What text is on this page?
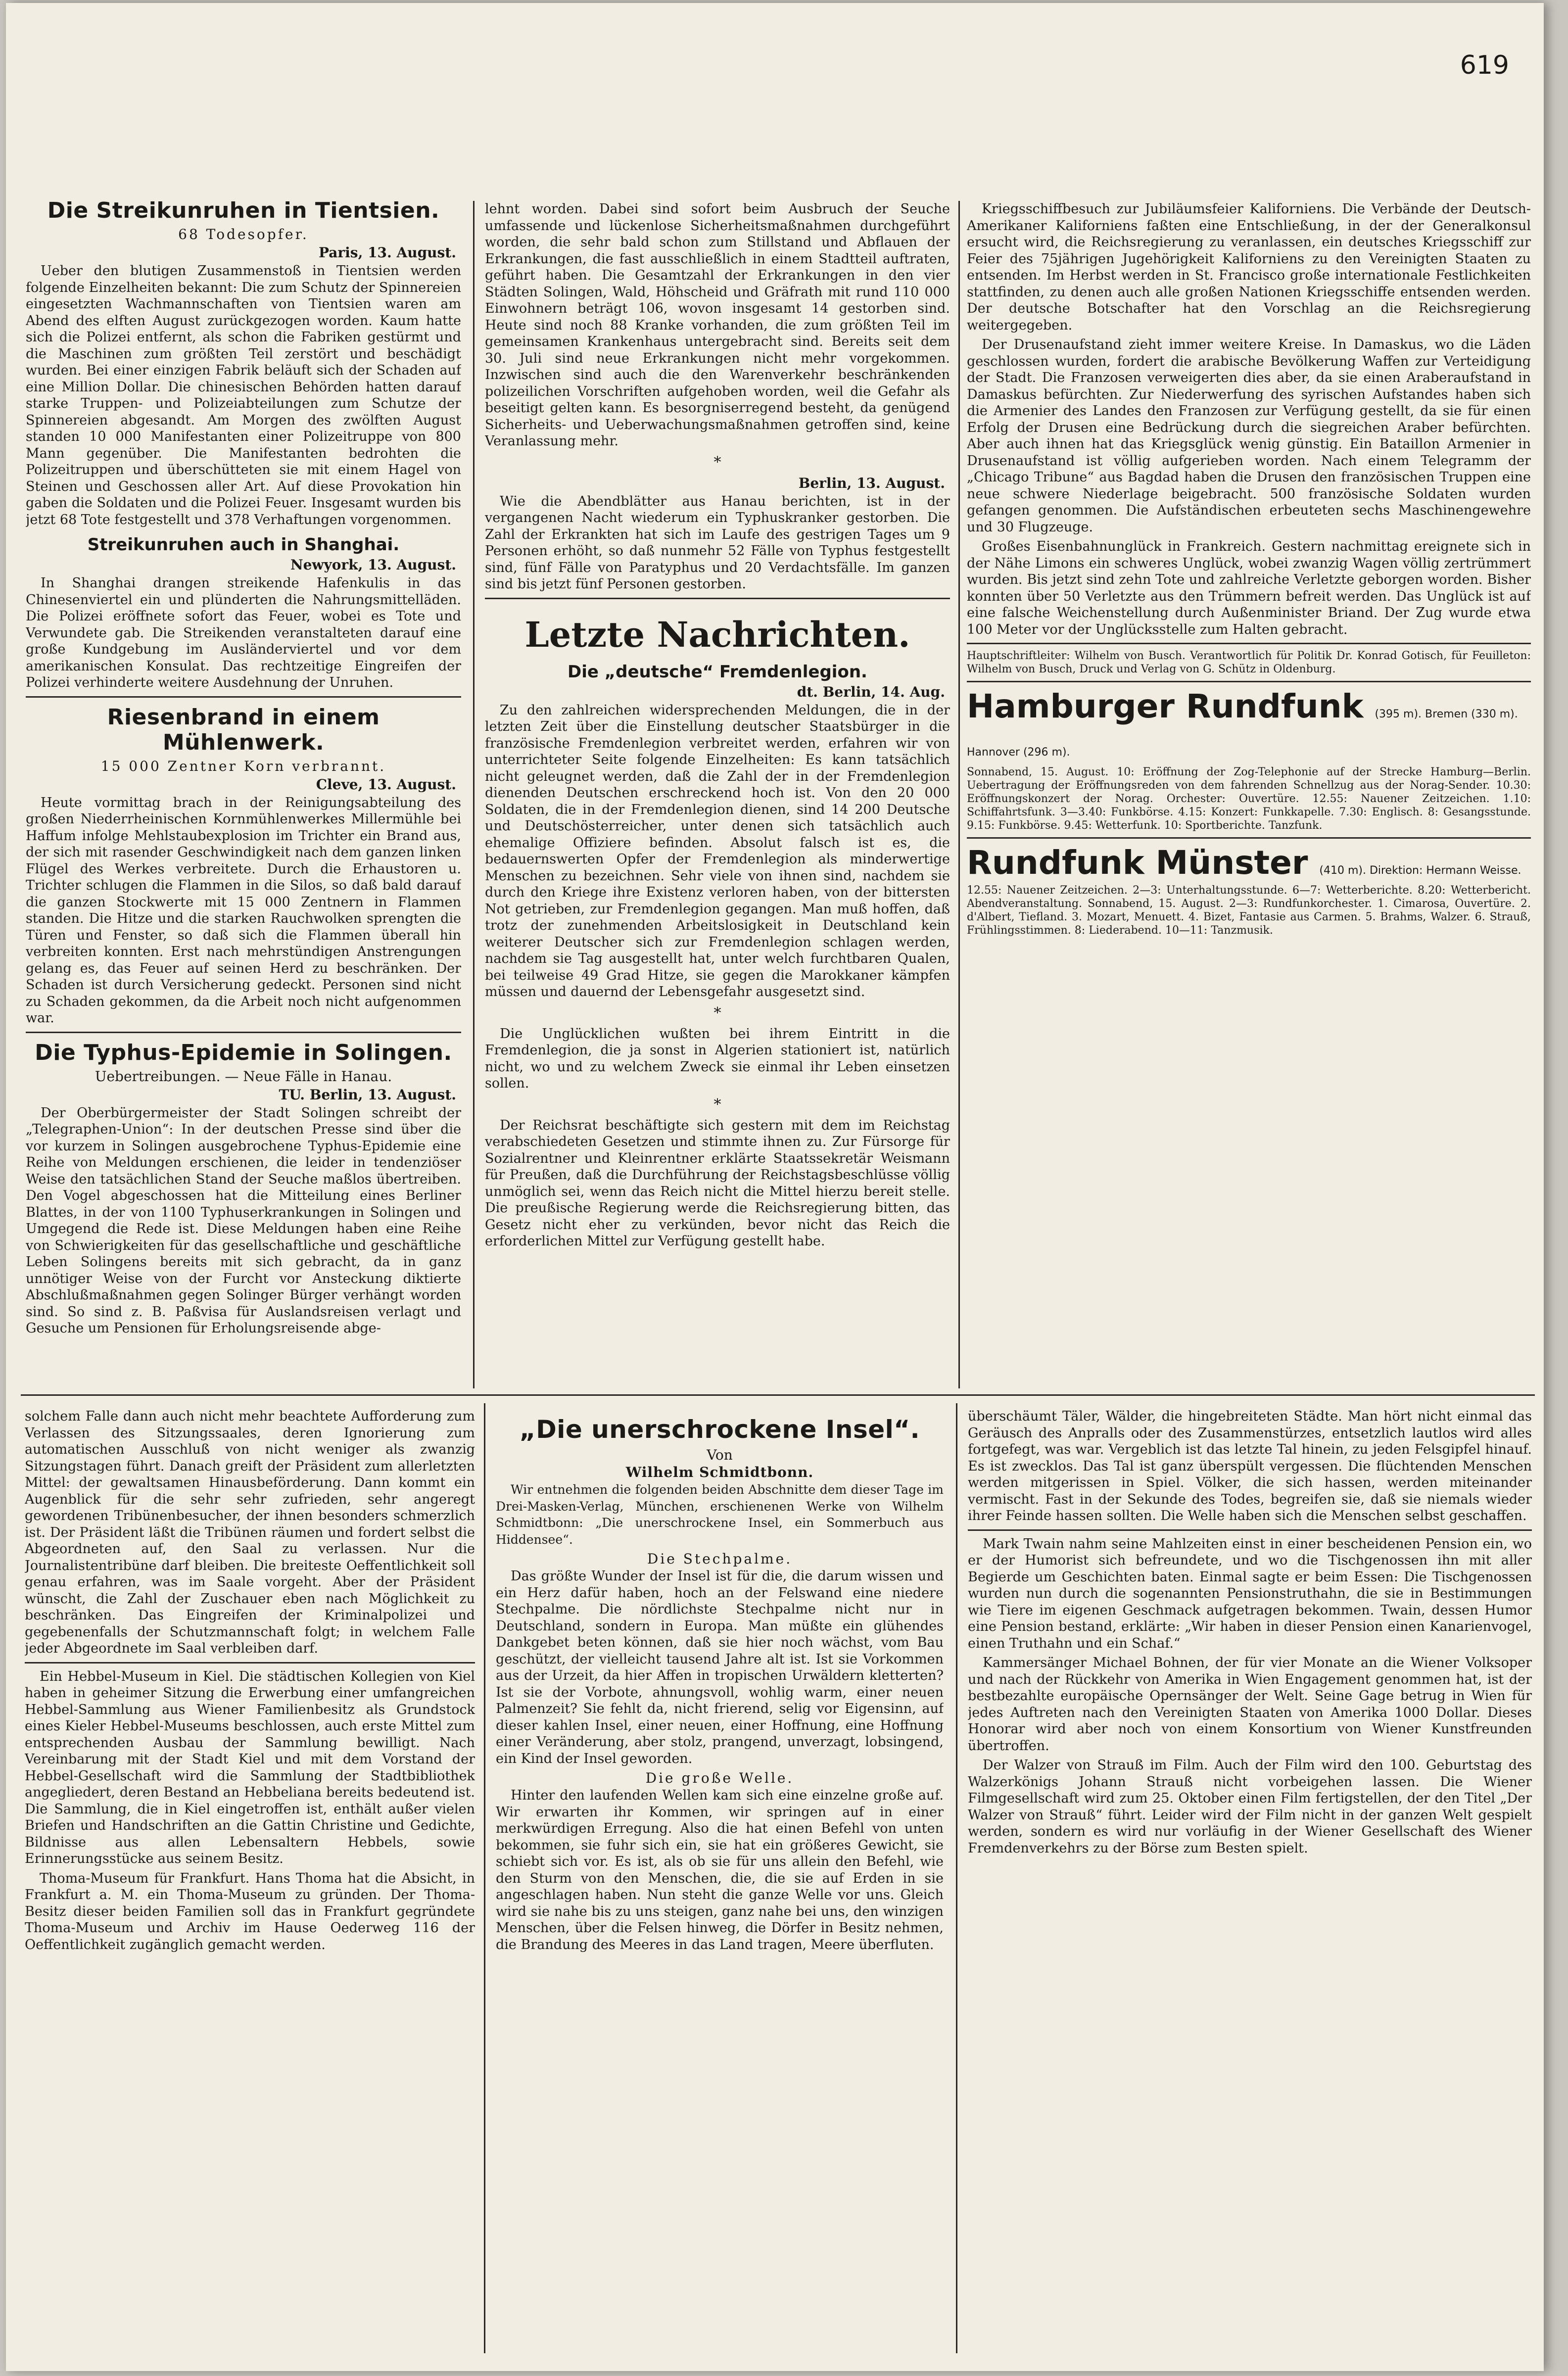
619
Die Streikunruhen in Tientsien.
68 Todesopfer.
Paris, 13. August.

Ueber den blutigen Zusammenstoß in Tientsien werden folgende Einzelheiten bekannt: Die zum Schutz der Spinnereien eingesetzten Wachmannschaften von Tientsien waren am Abend des elften August zurückgezogen worden. Kaum hatte sich die Polizei entfernt, als schon die Fabriken gestürmt und die Maschinen zum größten Teil zerstört und beschädigt wurden. Bei einer einzigen Fabrik beläuft sich der Schaden auf eine Million Dollar. Die chinesischen Behörden hatten darauf starke Truppen- und Polizeiabteilungen zum Schutze der Spinnereien abgesandt. Am Morgen des zwölften August standen 10 000 Manifestanten einer Polizeitruppe von 800 Mann gegenüber. Die Manifestanten bedrohten die Polizeitruppen und überschütteten sie mit einem Hagel von Steinen und Geschossen aller Art. Auf diese Provokation hin gaben die Soldaten und die Polizei Feuer. Insgesamt wurden bis jetzt 68 Tote festgestellt und 378 Verhaftungen vorgenommen.

Streikunruhen auch in Shanghai.
Newyork, 13. August.

In Shanghai drangen streikende Hafenkulis in das Chinesenviertel ein und plünderten die Nahrungsmittelläden. Die Polizei eröffnete sofort das Feuer, wobei es Tote und Verwundete gab. Die Streikenden veranstalteten darauf eine große Kundgebung im Ausländerviertel und vor dem amerikanischen Konsulat. Das rechtzeitige Eingreifen der Polizei verhinderte weitere Ausdehnung der Unruhen.

Riesenbrand in einem Mühlenwerk.
15 000 Zentner Korn verbrannt.
Cleve, 13. August.

Heute vormittag brach in der Reinigungsabteilung des großen Niederrheinischen Kornmühlenwerkes Millermühle bei Haffum infolge Mehlstaubexplosion im Trichter ein Brand aus, der sich mit rasender Geschwindigkeit nach dem ganzen linken Flügel des Werkes verbreitete. Durch die Erhaustoren u. Trichter schlugen die Flammen in die Silos, so daß bald darauf die ganzen Stockwerte mit 15 000 Zentnern in Flammen standen. Die Hitze und die starken Rauchwolken sprengten die Türen und Fenster, so daß sich die Flammen überall hin verbreiten konnten. Erst nach mehrstündigen Anstrengungen gelang es, das Feuer auf seinen Herd zu beschränken. Der Schaden ist durch Versicherung gedeckt. Personen sind nicht zu Schaden gekommen, da die Arbeit noch nicht aufgenommen war.

Die Typhus-Epidemie in Solingen.
Uebertreibungen. — Neue Fälle in Hanau.
TU. Berlin, 13. August.

Der Oberbürgermeister der Stadt Solingen schreibt der „Telegraphen-Union“: In der deutschen Presse sind über die vor kurzem in Solingen ausgebrochene Typhus-Epidemie eine Reihe von Meldungen erschienen, die leider in tendenziöser Weise den tatsächlichen Stand der Seuche maßlos übertreiben. Den Vogel abgeschossen hat die Mitteilung eines Berliner Blattes, in der von 1100 Typhuserkrankungen in Solingen und Umgegend die Rede ist. Diese Meldungen haben eine Reihe von Schwierigkeiten für das gesellschaftliche und geschäftliche Leben Solingens bereits mit sich gebracht, da in ganz unnötiger Weise von der Furcht vor Ansteckung diktierte Abschlußmaßnahmen gegen Solinger Bürger verhängt worden sind. So sind z. B. Paßvisa für Auslandsreisen verlagt und Gesuche um Pensionen für Erholungsreisende abge-

lehnt worden. Dabei sind sofort beim Ausbruch der Seuche umfassende und lückenlose Sicherheitsmaßnahmen durchgeführt worden, die sehr bald schon zum Stillstand und Abflauen der Erkrankungen, die fast ausschließlich in einem Stadtteil auftraten, geführt haben. Die Gesamtzahl der Erkrankungen in den vier Städten Solingen, Wald, Höhscheid und Gräfrath mit rund 110 000 Einwohnern beträgt 106, wovon insgesamt 14 gestorben sind. Heute sind noch 88 Kranke vorhanden, die zum größten Teil im gemeinsamen Krankenhaus untergebracht sind. Bereits seit dem 30. Juli sind neue Erkrankungen nicht mehr vorgekommen. Inzwischen sind auch die den Warenverkehr beschränkenden polizeilichen Vorschriften aufgehoben worden, weil die Gefahr als beseitigt gelten kann. Es besorgniserregend besteht, da genügend Sicherheits- und Ueberwachungsmaßnahmen getroffen sind, keine Veranlassung mehr.

*
Berlin, 13. August.

Wie die Abendblätter aus Hanau berichten, ist in der vergangenen Nacht wiederum ein Typhuskranker gestorben. Die Zahl der Erkrankten hat sich im Laufe des gestrigen Tages um 9 Personen erhöht, so daß nunmehr 52 Fälle von Typhus festgestellt sind, fünf Fälle von Paratyphus und 20 Verdachtsfälle. Im ganzen sind bis jetzt fünf Personen gestorben.

Letzte Nachrichten.
Die „deutsche“ Fremdenlegion.
dt. Berlin, 14. Aug.

Zu den zahlreichen widersprechenden Meldungen, die in der letzten Zeit über die Einstellung deutscher Staatsbürger in die französische Fremdenlegion verbreitet werden, erfahren wir von unterrichteter Seite folgende Einzelheiten: Es kann tatsächlich nicht geleugnet werden, daß die Zahl der in der Fremdenlegion dienenden Deutschen erschreckend hoch ist. Von den 20 000 Soldaten, die in der Fremdenlegion dienen, sind 14 200 Deutsche und Deutschösterreicher, unter denen sich tatsächlich auch ehemalige Offiziere befinden. Absolut falsch ist es, die bedauernswerten Opfer der Fremdenlegion als minderwertige Menschen zu bezeichnen. Sehr viele von ihnen sind, nachdem sie durch den Kriege ihre Existenz verloren haben, von der bittersten Not getrieben, zur Fremdenlegion gegangen. Man muß hoffen, daß trotz der zunehmenden Arbeitslosigkeit in Deutschland kein weiterer Deutscher sich zur Fremdenlegion schlagen werden, nachdem sie Tag ausgestellt hat, unter welch furchtbaren Qualen, bei teilweise 49 Grad Hitze, sie gegen die Marokkaner kämpfen müssen und dauernd der Lebensgefahr ausgesetzt sind.

*

Die Unglücklichen wußten bei ihrem Eintritt in die Fremdenlegion, die ja sonst in Algerien stationiert ist, natürlich nicht, wo und zu welchem Zweck sie einmal ihr Leben einsetzen sollen.

*

Der Reichsrat beschäftigte sich gestern mit dem im Reichstag verabschiedeten Gesetzen und stimmte ihnen zu. Zur Fürsorge für Sozialrentner und Kleinrentner erklärte Staatssekretär Weismann für Preußen, daß die Durchführung der Reichstagsbeschlüsse völlig unmöglich sei, wenn das Reich nicht die Mittel hierzu bereit stelle. Die preußische Regierung werde die Reichsregierung bitten, das Gesetz nicht eher zu verkünden, bevor nicht das Reich die erforderlichen Mittel zur Verfügung gestellt habe.

Kriegsschiffbesuch zur Jubiläumsfeier Kaliforniens. Die Verbände der Deutsch-Amerikaner Kaliforniens faßten eine Entschließung, in der der Generalkonsul ersucht wird, die Reichsregierung zu veranlassen, ein deutsches Kriegsschiff zur Feier des 75jährigen Jugehörigkeit Kaliforniens zu den Vereinigten Staaten zu entsenden. Im Herbst werden in St. Francisco große internationale Festlichkeiten stattfinden, zu denen auch alle großen Nationen Kriegsschiffe entsenden werden. Der deutsche Botschafter hat den Vorschlag an die Reichsregierung weitergegeben.

Der Drusenaufstand zieht immer weitere Kreise. In Damaskus, wo die Läden geschlossen wurden, fordert die arabische Bevölkerung Waffen zur Verteidigung der Stadt. Die Franzosen verweigerten dies aber, da sie einen Araberaufstand in Damaskus befürchten. Zur Niederwerfung des syrischen Aufstandes haben sich die Armenier des Landes den Franzosen zur Verfügung gestellt, da sie für einen Erfolg der Drusen eine Bedrückung durch die siegreichen Araber befürchten. Aber auch ihnen hat das Kriegsglück wenig günstig. Ein Bataillon Armenier in Drusenaufstand ist völlig aufgerieben worden. Nach einem Telegramm der „Chicago Tribune“ aus Bagdad haben die Drusen den französischen Truppen eine neue schwere Niederlage beigebracht. 500 französische Soldaten wurden gefangen genommen. Die Aufständischen erbeuteten sechs Maschinengewehre und 30 Flugzeuge.

Großes Eisenbahnunglück in Frankreich. Gestern nachmittag ereignete sich in der Nähe Limons ein schweres Unglück, wobei zwanzig Wagen völlig zertrümmert wurden. Bis jetzt sind zehn Tote und zahlreiche Verletzte geborgen worden. Bisher konnten über 50 Verletzte aus den Trümmern befreit werden. Das Unglück ist auf eine falsche Weichenstellung durch Außenminister Briand. Der Zug wurde etwa 100 Meter vor der Unglücksstelle zum Halten gebracht.

Hauptschriftleiter: Wilhelm von Busch. Verantwortlich für Politik Dr. Konrad Gotisch, für Feuilleton: Wilhelm von Busch, Druck und Verlag von G. Schütz in Oldenburg.
Hamburger Rundfunk (395 m). Bremen (330 m). Hannover (296 m).

Sonnabend, 15. August. 10: Eröffnung der Zog-Telephonie auf der Strecke Hamburg—Berlin. Uebertragung der Eröffnungsreden von dem fahrenden Schnellzug aus der Norag-Sender. 10.30: Eröffnungskonzert der Norag. Orchester: Ouvertüre. 12.55: Nauener Zeitzeichen. 1.10: Schiffahrtsfunk. 3—3.40: Funkbörse. 4.15: Konzert: Funkkapelle. 7.30: Englisch. 8: Gesangsstunde. 9.15: Funkbörse. 9.45: Wetterfunk. 10: Sportberichte. Tanzfunk.

Rundfunk Münster (410 m). Direktion: Hermann Weisse.

12.55: Nauener Zeitzeichen. 2—3: Unterhaltungsstunde. 6—7: Wetterberichte. 8.20: Wetterbericht. Abendveranstaltung. Sonnabend, 15. August. 2—3: Rundfunkorchester. 1. Cimarosa, Ouvertüre. 2. d'Albert, Tiefland. 3. Mozart, Menuett. 4. Bizet, Fantasie aus Carmen. 5. Brahms, Walzer. 6. Strauß, Frühlingsstimmen. 8: Liederabend. 10—11: Tanzmusik.

solchem Falle dann auch nicht mehr beachtete Aufforderung zum Verlassen des Sitzungssaales, deren Ignorierung zum automatischen Ausschluß von nicht weniger als zwanzig Sitzungstagen führt. Danach greift der Präsident zum allerletzten Mittel: der gewaltsamen Hinausbeförderung. Dann kommt ein Augenblick für die sehr sehr zufrieden, sehr angeregt gewordenen Tribünenbesucher, der ihnen besonders schmerzlich ist. Der Präsident läßt die Tribünen räumen und fordert selbst die Abgeordneten auf, den Saal zu verlassen. Nur die Journalistentribüne darf bleiben. Die breiteste Oeffentlichkeit soll genau erfahren, was im Saale vorgeht. Aber der Präsident wünscht, die Zahl der Zuschauer eben nach Möglichkeit zu beschränken. Das Eingreifen der Kriminalpolizei und gegebenenfalls der Schutzmannschaft folgt; in welchem Falle jeder Abgeordnete im Saal verbleiben darf.

Ein Hebbel-Museum in Kiel. Die städtischen Kollegien von Kiel haben in geheimer Sitzung die Erwerbung einer umfangreichen Hebbel-Sammlung aus Wiener Familienbesitz als Grundstock eines Kieler Hebbel-Museums beschlossen, auch erste Mittel zum entsprechenden Ausbau der Sammlung bewilligt. Nach Vereinbarung mit der Stadt Kiel und mit dem Vorstand der Hebbel-Gesellschaft wird die Sammlung der Stadtbibliothek angegliedert, deren Bestand an Hebbeliana bereits bedeutend ist. Die Sammlung, die in Kiel eingetroffen ist, enthält außer vielen Briefen und Handschriften an die Gattin Christine und Gedichte, Bildnisse aus allen Lebensaltern Hebbels, sowie Erinnerungsstücke aus seinem Besitz.

Thoma-Museum für Frankfurt. Hans Thoma hat die Absicht, in Frankfurt a. M. ein Thoma-Museum zu gründen. Der Thoma-Besitz dieser beiden Familien soll das in Frankfurt gegründete Thoma-Museum und Archiv im Hause Oederweg 116 der Oeffentlichkeit zugänglich gemacht werden.

„Die unerschrockene Insel“.
Von
Wilhelm Schmidtbonn.

Wir entnehmen die folgenden beiden Abschnitte dem dieser Tage im Drei-Masken-Verlag, München, erschienenen Werke von Wilhelm Schmidtbonn: „Die unerschrockene Insel, ein Sommerbuch aus Hiddensee“.

Die Stechpalme.

Das größte Wunder der Insel ist für die, die darum wissen und ein Herz dafür haben, hoch an der Felswand eine niedere Stechpalme. Die nördlichste Stechpalme nicht nur in Deutschland, sondern in Europa. Man müßte ein glühendes Dankgebet beten können, daß sie hier noch wächst, vom Bau geschützt, der vielleicht tausend Jahre alt ist. Ist sie Vorkommen aus der Urzeit, da hier Affen in tropischen Urwäldern kletterten? Ist sie der Vorbote, ahnungsvoll, wohlig warm, einer neuen Palmenzeit? Sie fehlt da, nicht frierend, selig vor Eigensinn, auf dieser kahlen Insel, einer neuen, einer Hoffnung, eine Hoffnung einer Veränderung, aber stolz, prangend, unverzagt, lobsingend, ein Kind der Insel geworden.

Die große Welle.

Hinter den laufenden Wellen kam sich eine einzelne große auf. Wir erwarten ihr Kommen, wir springen auf in einer merkwürdigen Erregung. Also die hat einen Befehl von unten bekommen, sie fuhr sich ein, sie hat ein größeres Gewicht, sie schiebt sich vor. Es ist, als ob sie für uns allein den Befehl, wie den Sturm von den Menschen, die, die sie auf Erden in sie angeschlagen haben. Nun steht die ganze Welle vor uns. Gleich wird sie nahe bis zu uns steigen, ganz nahe bei uns, den winzigen Menschen, über die Felsen hinweg, die Dörfer in Besitz nehmen, die Brandung des Meeres in das Land tragen, Meere überfluten.

überschäumt Täler, Wälder, die hingebreiteten Städte. Man hört nicht einmal das Geräusch des Anpralls oder des Zusammenstürzes, entsetzlich lautlos wird alles fortgefegt, was war. Vergeblich ist das letzte Tal hinein, zu jeden Felsgipfel hinauf. Es ist zwecklos. Das Tal ist ganz überspült vergessen. Die flüchtenden Menschen werden mitgerissen in Spiel. Völker, die sich hassen, werden miteinander vermischt. Fast in der Sekunde des Todes, begreifen sie, daß sie niemals wieder ihrer Feinde hassen sollten. Die Welle haben sich die Menschen selbst geschaffen.

Mark Twain nahm seine Mahlzeiten einst in einer bescheidenen Pension ein, wo er der Humorist sich befreundete, und wo die Tischgenossen ihn mit aller Begierde um Geschichten baten. Einmal sagte er beim Essen: Die Tischgenossen wurden nun durch die sogenannten Pensionstruthahn, die sie in Bestimmungen wie Tiere im eigenen Geschmack aufgetragen bekommen. Twain, dessen Humor eine Pension bestand, erklärte: „Wir haben in dieser Pension einen Kanarienvogel, einen Truthahn und ein Schaf.“

Kammersänger Michael Bohnen, der für vier Monate an die Wiener Volksoper und nach der Rückkehr von Amerika in Wien Engagement genommen hat, ist der bestbezahlte europäische Opernsänger der Welt. Seine Gage betrug in Wien für jedes Auftreten nach den Vereinigten Staaten von Amerika 1000 Dollar. Dieses Honorar wird aber noch von einem Konsortium von Wiener Kunstfreunden übertroffen.

Der Walzer von Strauß im Film. Auch der Film wird den 100. Geburtstag des Walzerkönigs Johann Strauß nicht vorbeigehen lassen. Die Wiener Filmgesellschaft wird zum 25. Oktober einen Film fertigstellen, der den Titel „Der Walzer von Strauß“ führt. Leider wird der Film nicht in der ganzen Welt gespielt werden, sondern es wird nur vorläufig in der Wiener Gesellschaft des Wiener Fremdenverkehrs zu der Börse zum Besten spielt.
